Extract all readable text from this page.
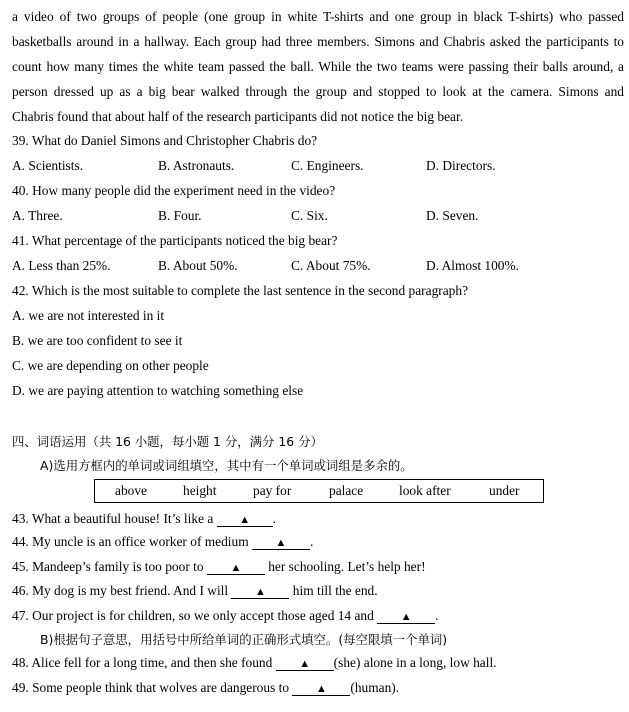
a video of two groups of people (one group in white T-shirts and one group in black T-shirts) who passed
basketballs around in a hallway. Each group had three members. Simons and Chabris asked the participants to
count how many times the white team passed the ball. While the two teams were passing their balls around, a
person dressed up as a big bear walked through the group and stopped to look at the camera. Simons and
Chabris found that about half of the research participants did not notice the big bear.
39. What do Daniel Simons and Christopher Chabris do?
A. Scientists.	B. Astronauts.	C. Engineers.	D. Directors.
40. How many people did the experiment need in the video?
A. Three.	B. Four.	C. Six.	D. Seven.
41. What percentage of the participants noticed the big bear?
A. Less than 25%.	B. About 50%.	C. About 75%.	D. Almost 100%.
42. Which is the most suitable to complete the last sentence in the second paragraph?
A. we are not interested in it
B. we are too confident to see it
C. we are depending on other people
D. we are paying attention to watching something else
四、词语运用（共 16 小题，每小题 1 分，满分 16 分）
A)选用方框内的单词或词组填空，其中有一个单词或词组是多余的。
above	height	pay for	palace	look after	under
43. What a beautiful house! It’s like a ▲ .
44. My uncle is an office worker of medium ▲ .
45. Mandeep’s family is too poor to ▲ her schooling. Let’s help her!
46. My dog is my best friend. And I will ▲ him till the end.
47. Our project is for children, so we only accept those aged 14 and ▲ .
B)根据句子意思，用括号中所给单词的正确形式填空。(每空限填一个单词)
48. Alice fell for a long time, and then she found ▲ (she) alone in a long, low hall.
49. Some people think that wolves are dangerous to ▲ (human).
